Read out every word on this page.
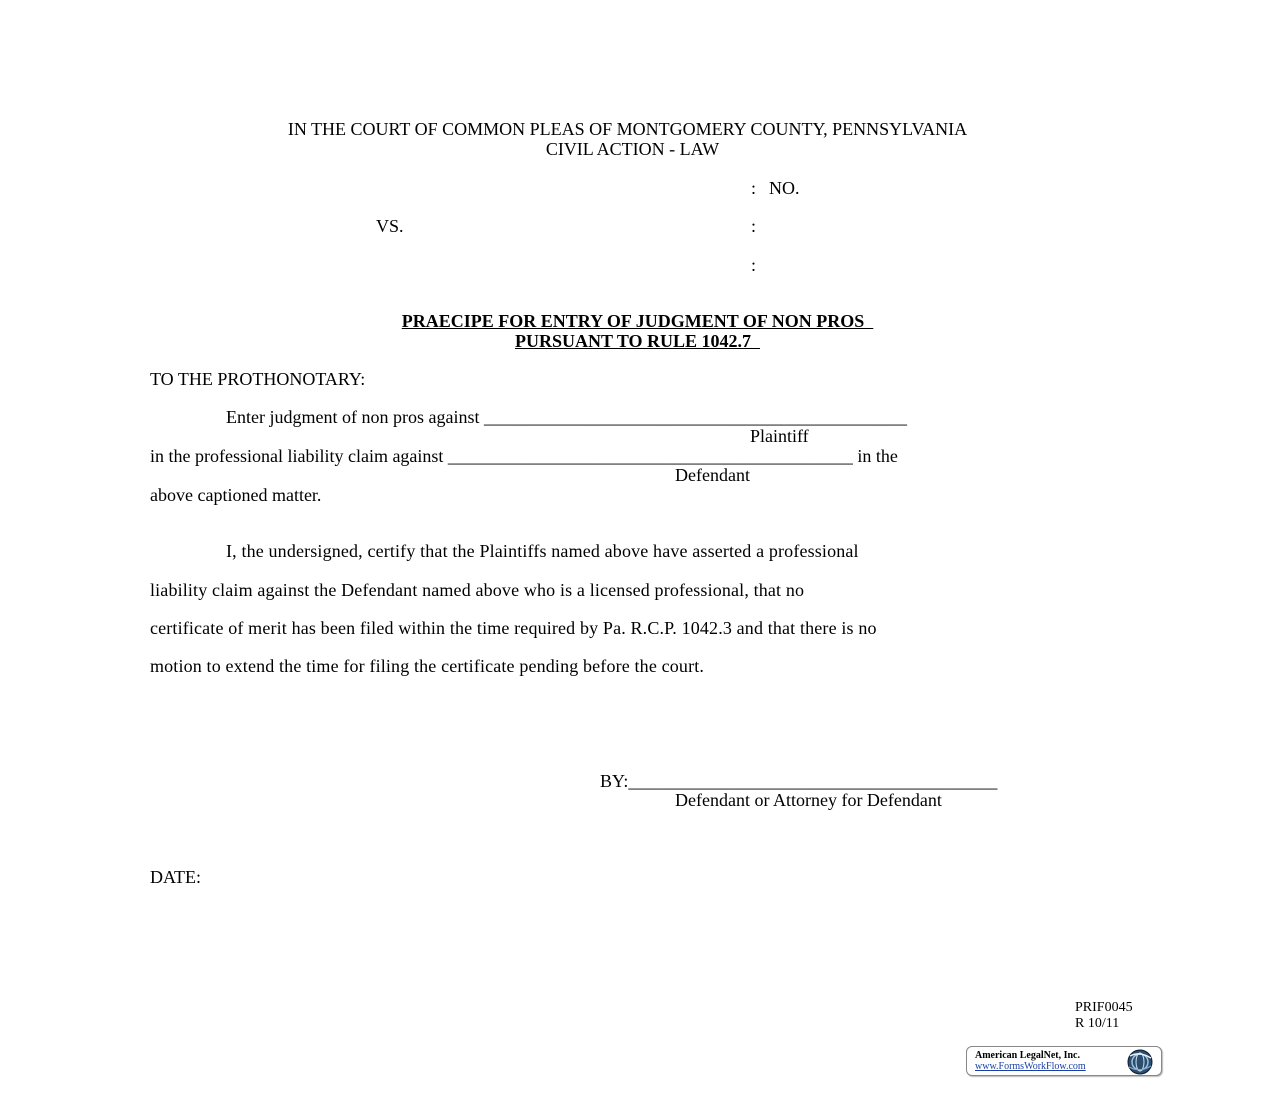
IN THE COURT OF COMMON PLEAS OF MONTGOMERY COUNTY, PENNSYLVANIA
CIVIL ACTION - LAW
: NO.
VS.	:
:
PRAECIPE FOR ENTRY OF JUDGMENT OF NON PROS
PURSUANT TO RULE 1042.7
TO THE PROTHONOTARY:
Enter judgment of non pros against _______________________________________________
Plaintiff
in the professional liability claim against _____________________________________________ in the
Defendant
above captioned matter.
I, the undersigned, certify that the Plaintiffs named above have asserted a professional
liability claim against the Defendant named above who is a licensed professional, that no
certificate of merit has been filed within the time required by Pa. R.C.P. 1042.3 and that there is no
motion to extend the time for filing the certificate pending before the court.
BY:_________________________________________
Defendant or Attorney for Defendant
DATE:
PRIF0045
R 10/11
American LegalNet, Inc.
www.FormsWorkFlow.com
